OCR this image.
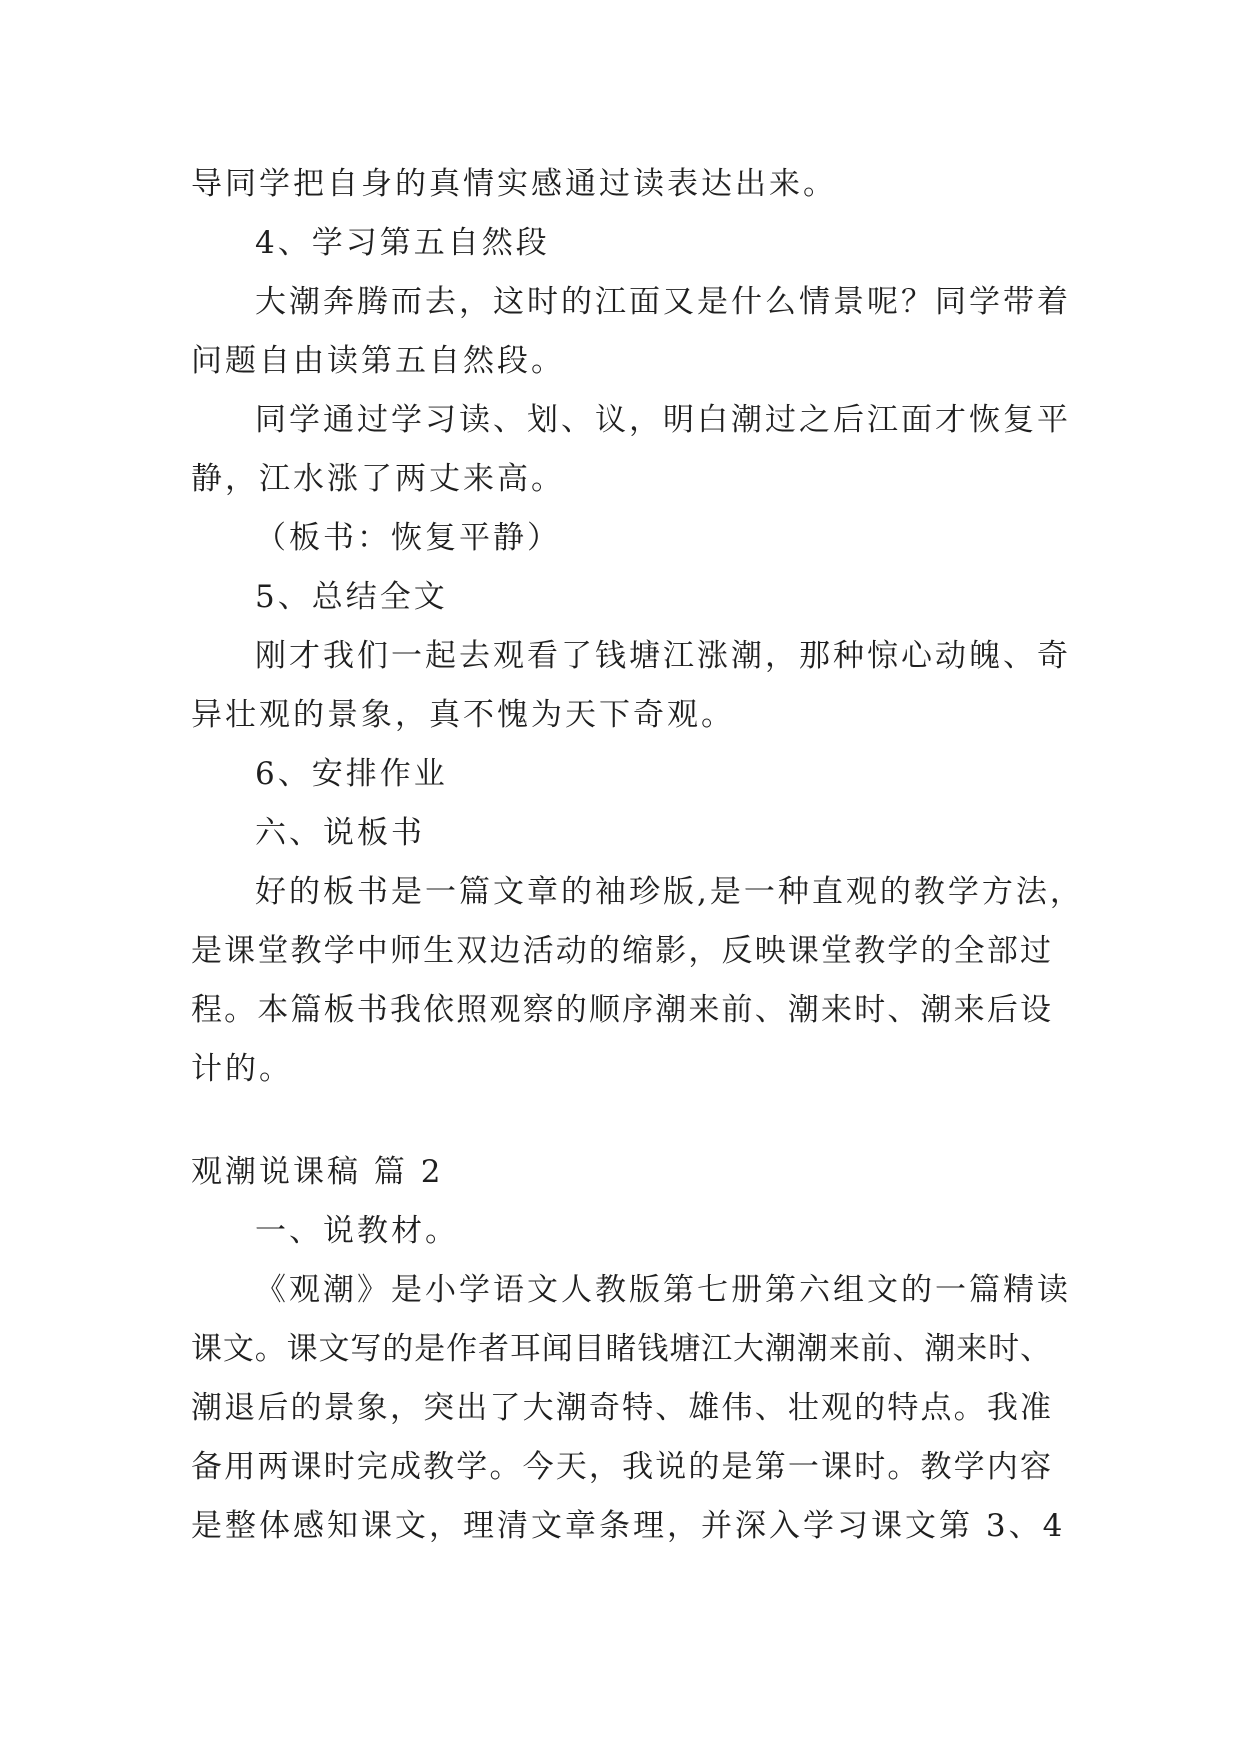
导同学把自身的真情实感通过读表达出来。

4、学习第五自然段

大潮奔腾而去，这时的江面又是什么情景呢？同学带着

问题自由读第五自然段。

同学通过学习读、划、议，明白潮过之后江面才恢复平

静，江水涨了两丈来高。

（板书：恢复平静）

5、总结全文

刚才我们一起去观看了钱塘江涨潮，那种惊心动魄、奇

异壮观的景象，真不愧为天下奇观。

6、安排作业

六、说板书

好的板书是一篇文章的袖珍版,是一种直观的教学方法，

是课堂教学中师生双边活动的缩影，反映课堂教学的全部过

程。本篇板书我依照观察的顺序潮来前、潮来时、潮来后设

计的。

观潮说课稿 篇 2

一、说教材。

《观潮》是小学语文人教版第七册第六组文的一篇精读

课文。课文写的是作者耳闻目睹钱塘江大潮潮来前、潮来时、

潮退后的景象，突出了大潮奇特、雄伟、壮观的特点。我准

备用两课时完成教学。今天，我说的是第一课时。教学内容

是整体感知课文，理清文章条理，并深入学习课文第 3、4
